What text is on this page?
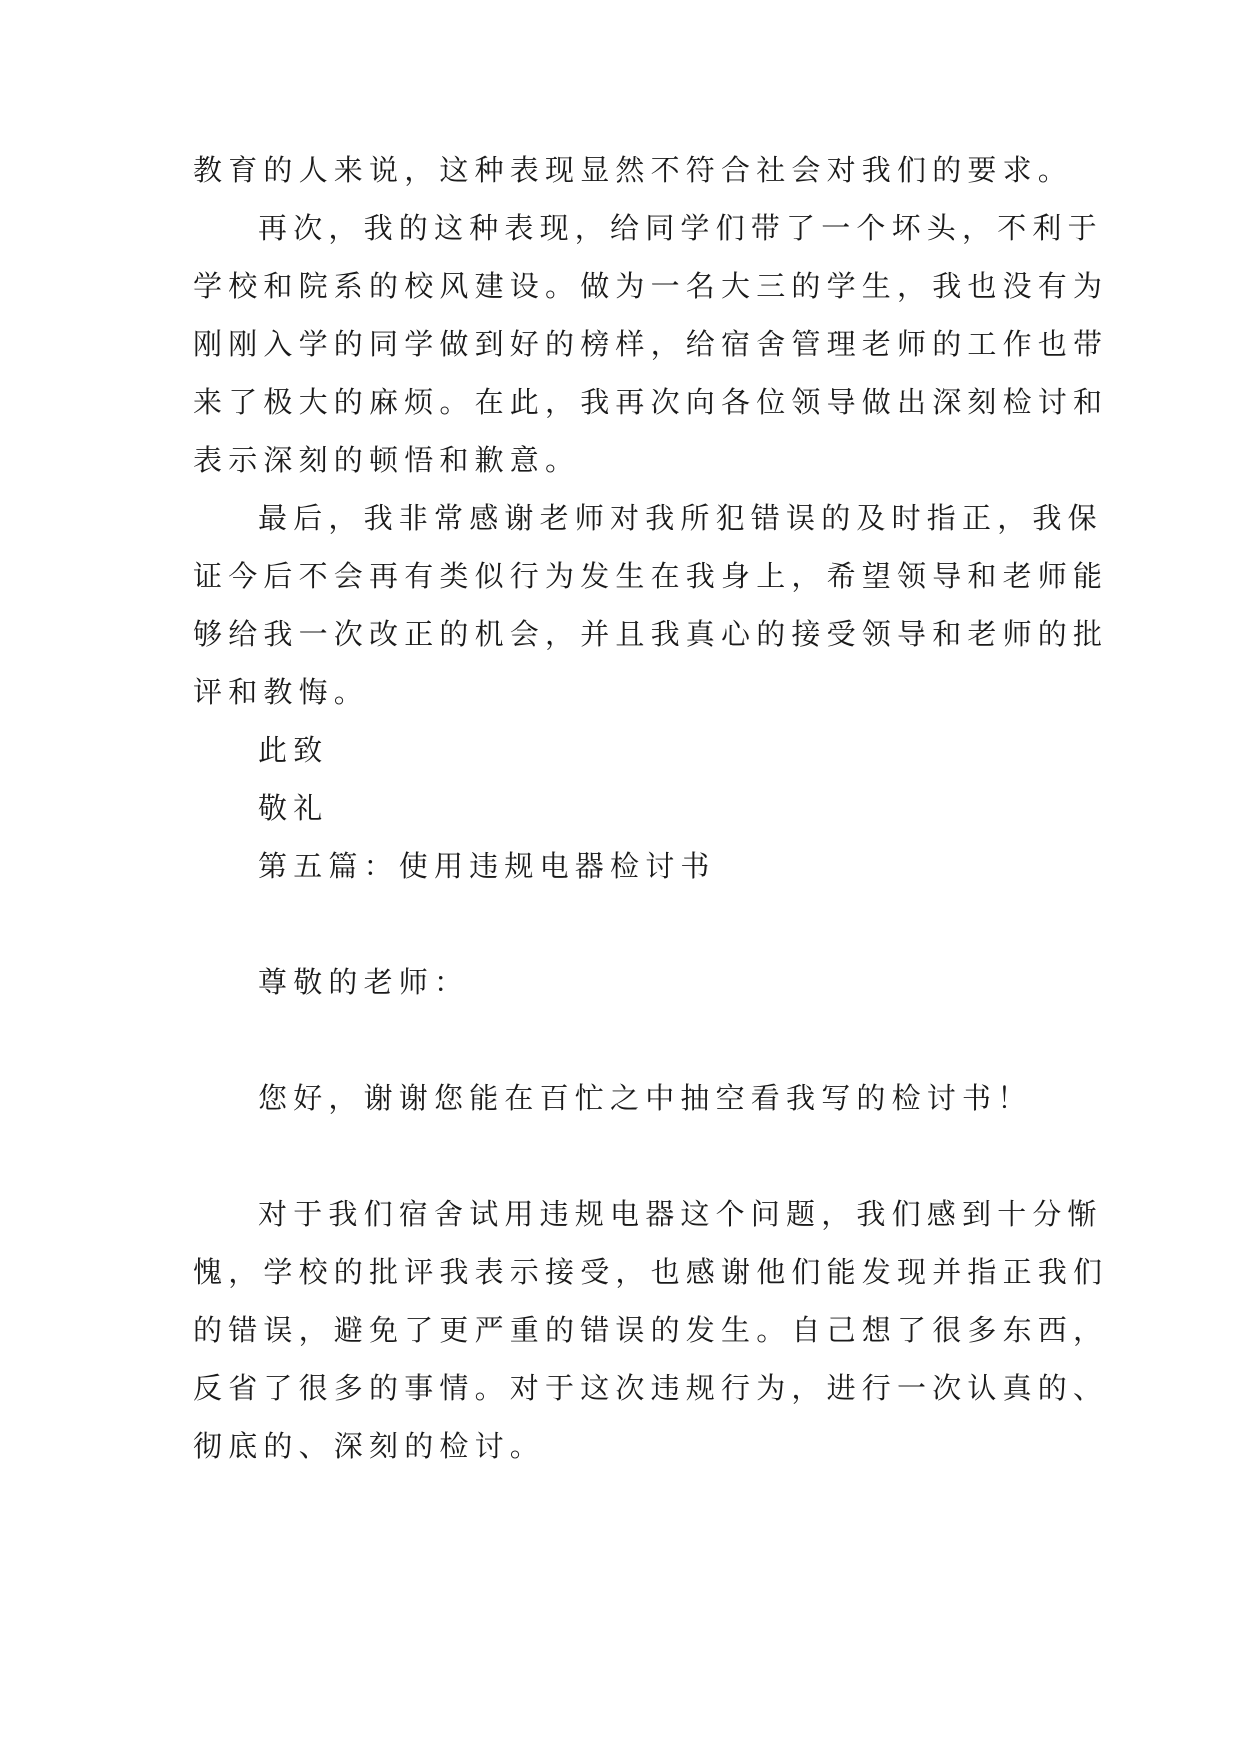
教育的人来说，这种表现显然不符合社会对我们的要求。
再次，我的这种表现，给同学们带了一个坏头，不利于
学校和院系的校风建设。做为一名大三的学生，我也没有为
刚刚入学的同学做到好的榜样，给宿舍管理老师的工作也带
来了极大的麻烦。在此，我再次向各位领导做出深刻检讨和
表示深刻的顿悟和歉意。
最后，我非常感谢老师对我所犯错误的及时指正，我保
证今后不会再有类似行为发生在我身上，希望领导和老师能
够给我一次改正的机会，并且我真心的接受领导和老师的批
评和教悔。
此致
敬礼
第五篇：使用违规电器检讨书
尊敬的老师：
您好，谢谢您能在百忙之中抽空看我写的检讨书！
对于我们宿舍试用违规电器这个问题，我们感到十分惭
愧，学校的批评我表示接受，也感谢他们能发现并指正我们
的错误，避免了更严重的错误的发生。自己想了很多东西，
反省了很多的事情。对于这次违规行为，进行一次认真的、
彻底的、深刻的检讨。
